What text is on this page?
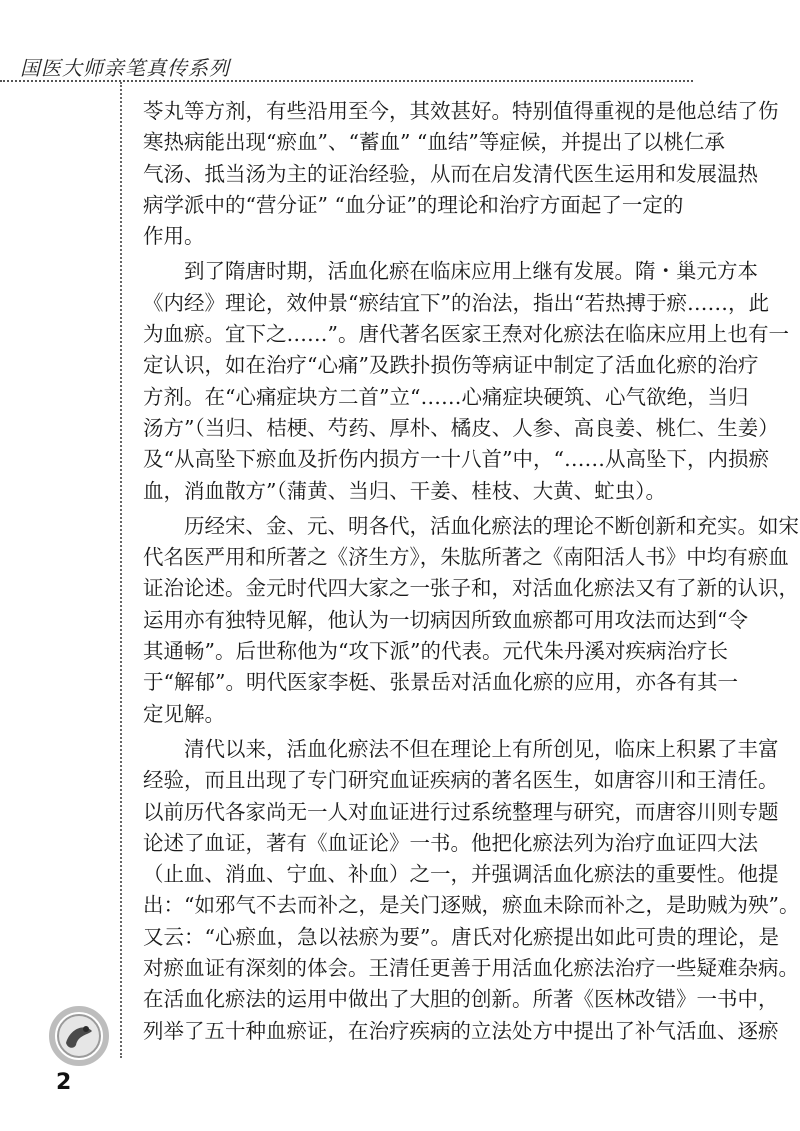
国医大师亲笔真传系列
2
苓丸等方剂，有些沿用至今，其效甚好。特别值得重视的是他总结了伤
寒热病能出现“瘀血”、“蓄血” “血结”等症候，并提出了以桃仁承
气汤、抵当汤为主的证治经验，从而在启发清代医生运用和发展温热
病学派中的“营分证” “血分证”的理论和治疗方面起了一定的
作用。
到了隋唐时期，活血化瘀在临床应用上继有发展。隋・巢元方本
《内经》理论，效仲景“瘀结宜下”的治法，指出“若热搏于瘀……，此
为血瘀。宜下之……”。唐代著名医家王焘对化瘀法在临床应用上也有一
定认识，如在治疗“心痛”及跌扑损伤等病证中制定了活血化瘀的治疗
方剂。在“心痛症块方二首”立“……心痛症块硬筑、心气欲绝，当归
汤方”（当归、桔梗、芍药、厚朴、橘皮、人参、高良姜、桃仁、生姜）
及“从高坠下瘀血及折伤内损方一十八首”中，“……从高坠下，内损瘀
血，消血散方”（蒲黄、当归、干姜、桂枝、大黄、虻虫）。
历经宋、金、元、明各代，活血化瘀法的理论不断创新和充实。如宋
代名医严用和所著之《济生方》，朱肱所著之《南阳活人书》中均有瘀血
证治论述。金元时代四大家之一张子和，对活血化瘀法又有了新的认识，
运用亦有独特见解，他认为一切病因所致血瘀都可用攻法而达到“令
其通畅”。后世称他为“攻下派”的代表。元代朱丹溪对疾病治疗长
于“解郁”。明代医家李梃、张景岳对活血化瘀的应用，亦各有其一
定见解。
清代以来，活血化瘀法不但在理论上有所创见，临床上积累了丰富
经验，而且出现了专门研究血证疾病的著名医生，如唐容川和王清任。
以前历代各家尚无一人对血证进行过系统整理与研究，而唐容川则专题
论述了血证，著有《血证论》一书。他把化瘀法列为治疗血证四大法
（止血、消血、宁血、补血）之一，并强调活血化瘀法的重要性。他提
出：“如邪气不去而补之，是关门逐贼，瘀血未除而补之，是助贼为殃”。
又云：“心瘀血，急以祛瘀为要”。唐氏对化瘀提出如此可贵的理论，是
对瘀血证有深刻的体会。王清任更善于用活血化瘀法治疗一些疑难杂病。
在活血化瘀法的运用中做出了大胆的创新。所著《医林改错》一书中，
列举了五十种血瘀证，在治疗疾病的立法处方中提出了补气活血、逐瘀
